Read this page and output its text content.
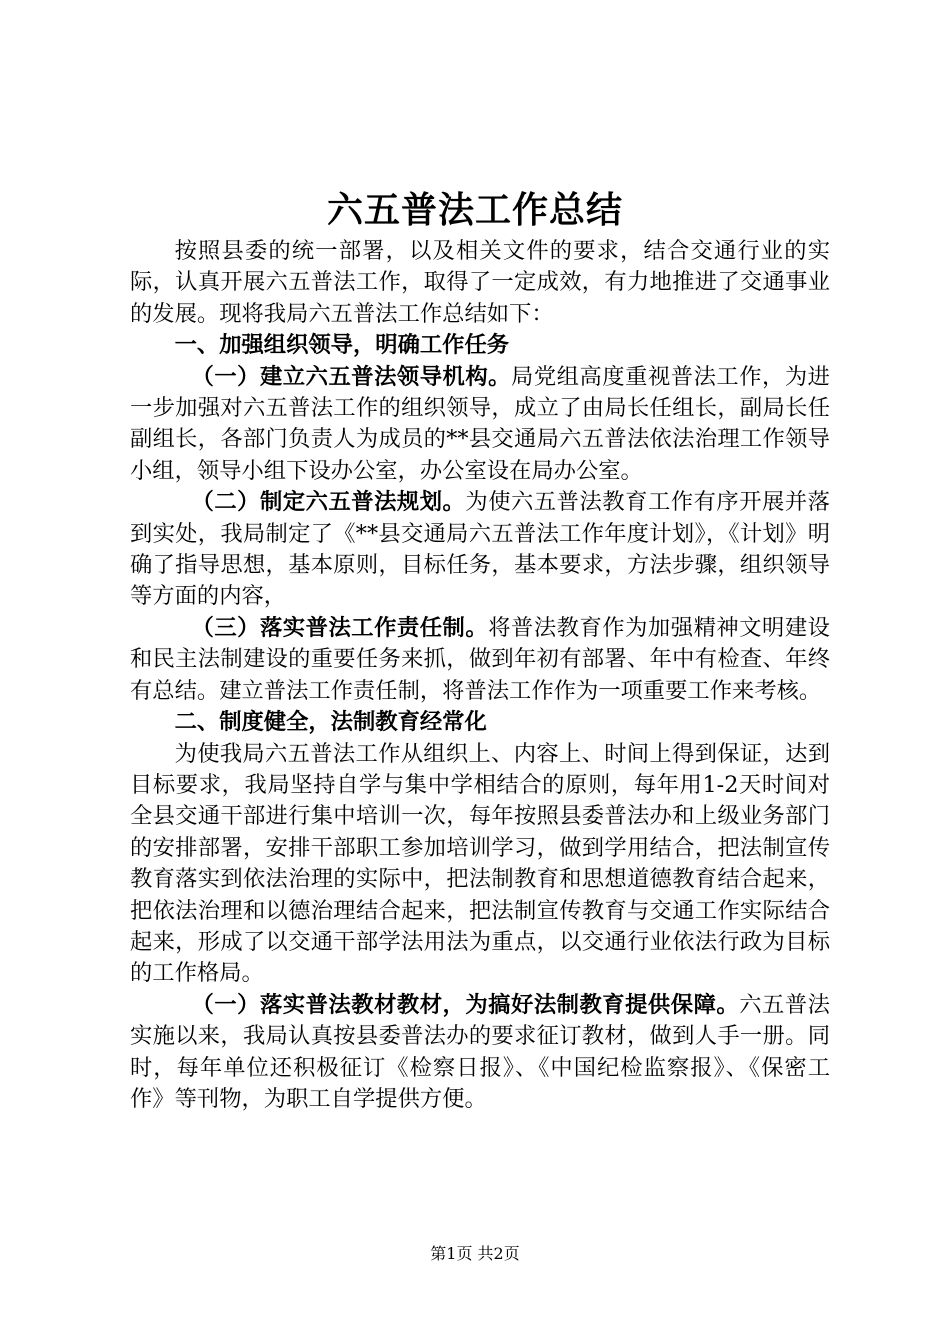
六五普法工作总结

按照县委的统一部署，以及相关文件的要求，结合交通行业的实际，认真开展六五普法工作，取得了一定成效，有力地推进了交通事业的发展。现将我局六五普法工作总结如下：

一、加强组织领导，明确工作任务

（一）建立六五普法领导机构。局党组高度重视普法工作，为进一步加强对六五普法工作的组织领导，成立了由局长任组长，副局长任副组长，各部门负责人为成员的**县交通局六五普法依法治理工作领导小组，领导小组下设办公室，办公室设在局办公室。

（二）制定六五普法规划。为使六五普法教育工作有序开展并落到实处，我局制定了《**县交通局六五普法工作年度计划》，《计划》明确了指导思想，基本原则，目标任务，基本要求，方法步骤，组织领导等方面的内容，

（三）落实普法工作责任制。将普法教育作为加强精神文明建设和民主法制建设的重要任务来抓，做到年初有部署、年中有检查、年终有总结。建立普法工作责任制，将普法工作作为一项重要工作来考核。

二、制度健全，法制教育经常化

为使我局六五普法工作从组织上、内容上、时间上得到保证，达到目标要求，我局坚持自学与集中学相结合的原则，每年用1-2天时间对全县交通干部进行集中培训一次，每年按照县委普法办和上级业务部门的安排部署，安排干部职工参加培训学习，做到学用结合，把法制宣传教育落实到依法治理的实际中，把法制教育和思想道德教育结合起来，把依法治理和以德治理结合起来，把法制宣传教育与交通工作实际结合起来，形成了以交通干部学法用法为重点，以交通行业依法行政为目标的工作格局。

（一）落实普法教材教材，为搞好法制教育提供保障。六五普法实施以来，我局认真按县委普法办的要求征订教材，做到人手一册。同时，每年单位还积极征订《检察日报》、《中国纪检监察报》、《保密工作》等刊物，为职工自学提供方便。

第1页 共2页
